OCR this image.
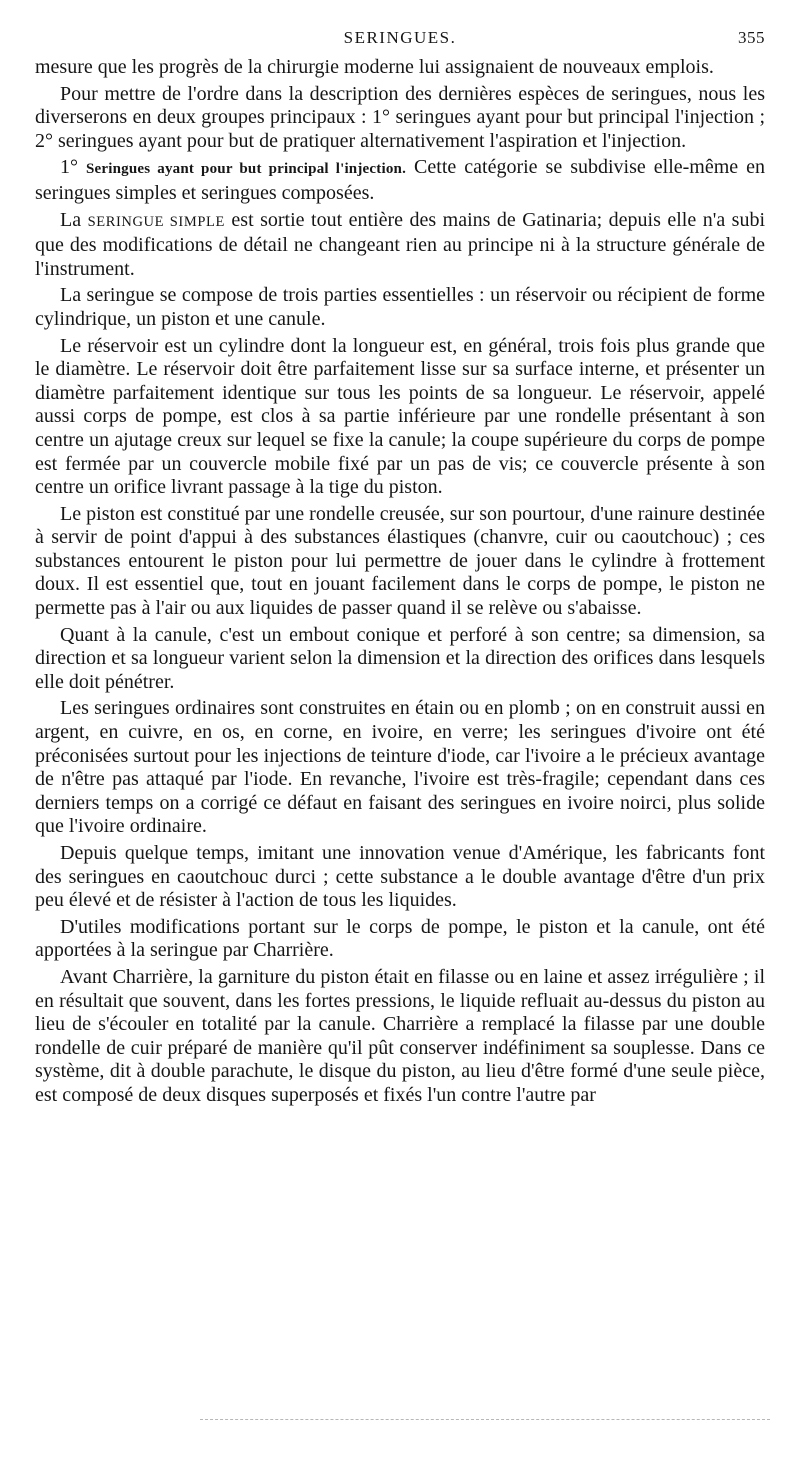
SERINGUES.	355

mesure que les progrès de la chirurgie moderne lui assignaient de nouveaux emplois.

Pour mettre de l'ordre dans la description des dernières espèces de seringues, nous les diverserons en deux groupes principaux : 1° seringues ayant pour but principal l'injection ; 2° seringues ayant pour but de pratiquer alternativement l'aspiration et l'injection.

1° Seringues ayant pour but principal l'injection. Cette catégorie se subdivise elle-même en seringues simples et seringues composées.

La SERINGUE SIMPLE est sortie tout entière des mains de Gatinaria; depuis elle n'a subi que des modifications de détail ne changeant rien au principe ni à la structure générale de l'instrument.

La seringue se compose de trois parties essentielles : un réservoir ou récipient de forme cylindrique, un piston et une canule.

Le réservoir est un cylindre dont la longueur est, en général, trois fois plus grande que le diamètre. Le réservoir doit être parfaitement lisse sur sa surface interne, et présenter un diamètre parfaitement identique sur tous les points de sa longueur. Le réservoir, appelé aussi corps de pompe, est clos à sa partie inférieure par une rondelle présentant à son centre un ajutage creux sur lequel se fixe la canule; la coupe supérieure du corps de pompe est fermée par un couvercle mobile fixé par un pas de vis; ce couvercle présente à son centre un orifice livrant passage à la tige du piston.

Le piston est constitué par une rondelle creusée, sur son pourtour, d'une rainure destinée à servir de point d'appui à des substances élastiques (chanvre, cuir ou caoutchouc) ; ces substances entourent le piston pour lui permettre de jouer dans le cylindre à frottement doux. Il est essentiel que, tout en jouant facilement dans le corps de pompe, le piston ne permette pas à l'air ou aux liquides de passer quand il se relève ou s'abaisse.

Quant à la canule, c'est un embout conique et perforé à son centre; sa dimension, sa direction et sa longueur varient selon la dimension et la direction des orifices dans lesquels elle doit pénétrer.

Les seringues ordinaires sont construites en étain ou en plomb ; on en construit aussi en argent, en cuivre, en os, en corne, en ivoire, en verre; les seringues d'ivoire ont été préconisées surtout pour les injections de teinture d'iode, car l'ivoire a le précieux avantage de n'être pas attaqué par l'iode. En revanche, l'ivoire est très-fragile; cependant dans ces derniers temps on a corrigé ce défaut en faisant des seringues en ivoire noirci, plus solide que l'ivoire ordinaire.

Depuis quelque temps, imitant une innovation venue d'Amérique, les fabricants font des seringues en caoutchouc durci ; cette substance a le double avantage d'être d'un prix peu élevé et de résister à l'action de tous les liquides.

D'utiles modifications portant sur le corps de pompe, le piston et la canule, ont été apportées à la seringue par Charrière.

Avant Charrière, la garniture du piston était en filasse ou en laine et assez irrégulière ; il en résultait que souvent, dans les fortes pressions, le liquide refluait au-dessus du piston au lieu de s'écouler en totalité par la canule. Charrière a remplacé la filasse par une double rondelle de cuir préparé de manière qu'il pût conserver indéfiniment sa souplesse. Dans ce système, dit à double parachute, le disque du piston, au lieu d'être formé d'une seule pièce, est composé de deux disques superposés et fixés l'un contre l'autre par
